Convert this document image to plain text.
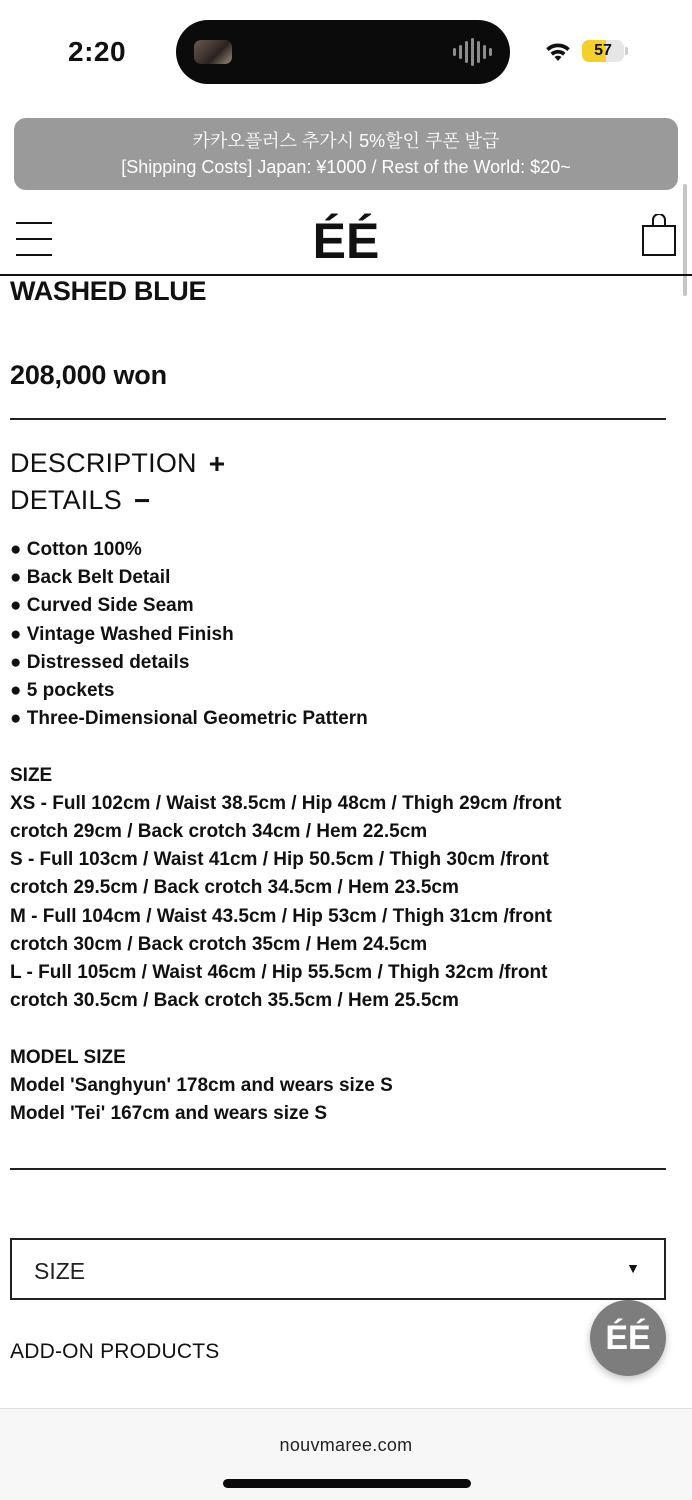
2:20	57
카카오플러스 추가시 5%할인 쿠폰 발급
[Shipping Costs] Japan: ¥1000 / Rest of the World: $20~
ÉÉ
WASHED BLUE
208,000 won
DESCRIPTION +
DETAILS −
● Cotton 100%
● Back Belt Detail
● Curved Side Seam
● Vintage Washed Finish
● Distressed details
● 5 pockets
● Three-Dimensional Geometric Pattern
SIZE
XS - Full 102cm / Waist 38.5cm / Hip 48cm / Thigh 29cm /front
crotch 29cm / Back crotch 34cm / Hem 22.5cm
S - Full 103cm / Waist 41cm / Hip 50.5cm / Thigh 30cm /front
crotch 29.5cm / Back crotch 34.5cm / Hem 23.5cm
M - Full 104cm / Waist 43.5cm / Hip 53cm / Thigh 31cm /front
crotch 30cm / Back crotch 35cm / Hem 24.5cm
L - Full 105cm / Waist 46cm / Hip 55.5cm / Thigh 32cm /front
crotch 30.5cm / Back crotch 35.5cm / Hem 25.5cm
MODEL SIZE
Model 'Sanghyun' 178cm and wears size S
Model 'Tei' 167cm and wears size S
SIZE	▼
ADD-ON PRODUCTS	ÉÉ
nouvmaree.com
